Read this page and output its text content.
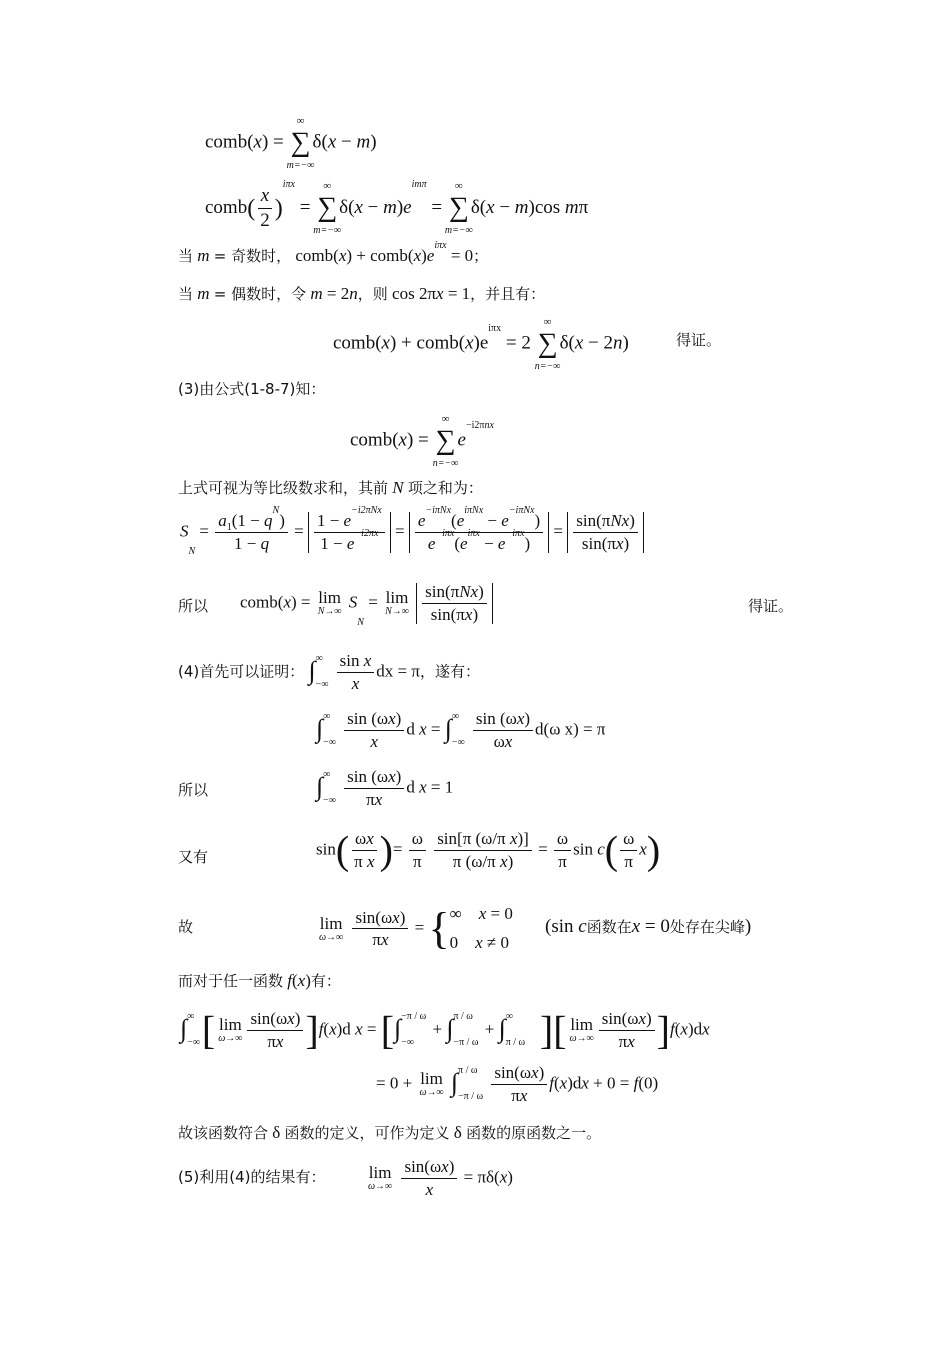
comb(x) =
∞
∑
m=−∞
δ(x − m)
comb( $\frac{x}{2} )^{i\pi x}$ =
∞
∑
m=−∞
$\delta(x - m)e^{im\pi}$ =
∞
∑
m=−∞
δ(x − m)cos mπ
当 m = 奇数时， comb(x) + $comb(x)e^{i\pi x} = 0$；
当 m = 偶数时，令 m = 2n，则 cos 2πx = 1，并且有：
comb(x) + $comb(x)e^{i\pi x} = 2$
∞
∑
n=−∞
δ(x − 2n)	得证。
(3)由公式(1-8-7)知：
comb(x) =
∞
∑
n=−∞
$e^{-i2\pi nx}$
上式可视为等比级数求和，其前 N 项之和为：
$S_N = \frac{a_1(1 - q^N)}{1 - q} = \frac{1 - e^{-i2\pi Nx}}{1 - e^{-i2\pi x}} = \frac{e^{-i\pi Nx}(e^{i\pi Nx} - e^{-i\pi Nx})}{e^{-i\pi x}(e^{i\pi x} - e^{-i\pi x})} = \frac{\text{sin(πNx)}}{\sin(\pi x)}$
所以 comb(x) = lim
N→∞
$S_N = \lim$
N→∞
$\frac{\text{sin(πNx)}}{\sin(\pi x)}$	得证。
(4)首先可以证明： ∫ ∞
−∞
$\frac{\text{sin x}}{x}$ dx = π，遂有：
∫ ∞
−∞
$\frac{\sin (\omega x)}{x}$ d x = ∫ ∞
−∞
$\frac{\sin (\omega x)}{\omega x} d(\omega$ x) = π
所以	∫ ∞
−∞
$\frac{\sin (\omega x)}{\pi x}$ d x = 1
又有	$\sin( \frac{\omega x}{\text{π x}}$ )= $\frac{\omega}{\pi}$
$\frac{\text{sin[π (ω/π x)]}}{\text{π (ω/π x)}} = \frac{\omega}{\pi}$ $\sin c( \frac{\omega}{\pi} x)$
故	lim
ω→∞
$\frac{\sin(\omega x)}{\pi x}$ = { ∞    x = 0
0    x ≠ 0
(sin c函数在x = 0处存在尖峰)
而对于任一函数 f(x)有：
∫ ∞
−∞ [ lim
$\omega\to\infty \frac{\sin(\omega x)}{\pi x} ]f(x)d$ x = [∫ −π / ω
−∞
+ ∫ π / ω
−π / ω
+ ∫ ∞
π / ω ][ lim
$\omega\to\infty \frac{\sin(\omega x)}{\pi x} ]f(x)dx$
= 0 + lim
ω→∞ ∫ π / ω
−π / ω
$\frac{\sin(\omega x)}{\pi x} f(x)dx + 0 = f(0)$
故该函数符合 δ 函数的定义，可作为定义 δ 函数的原函数之一。
(5)利用(4)的结果有：	lim
ω→∞
$\frac{\sin(\omega x)}{x} = \pi\delta(x)$
